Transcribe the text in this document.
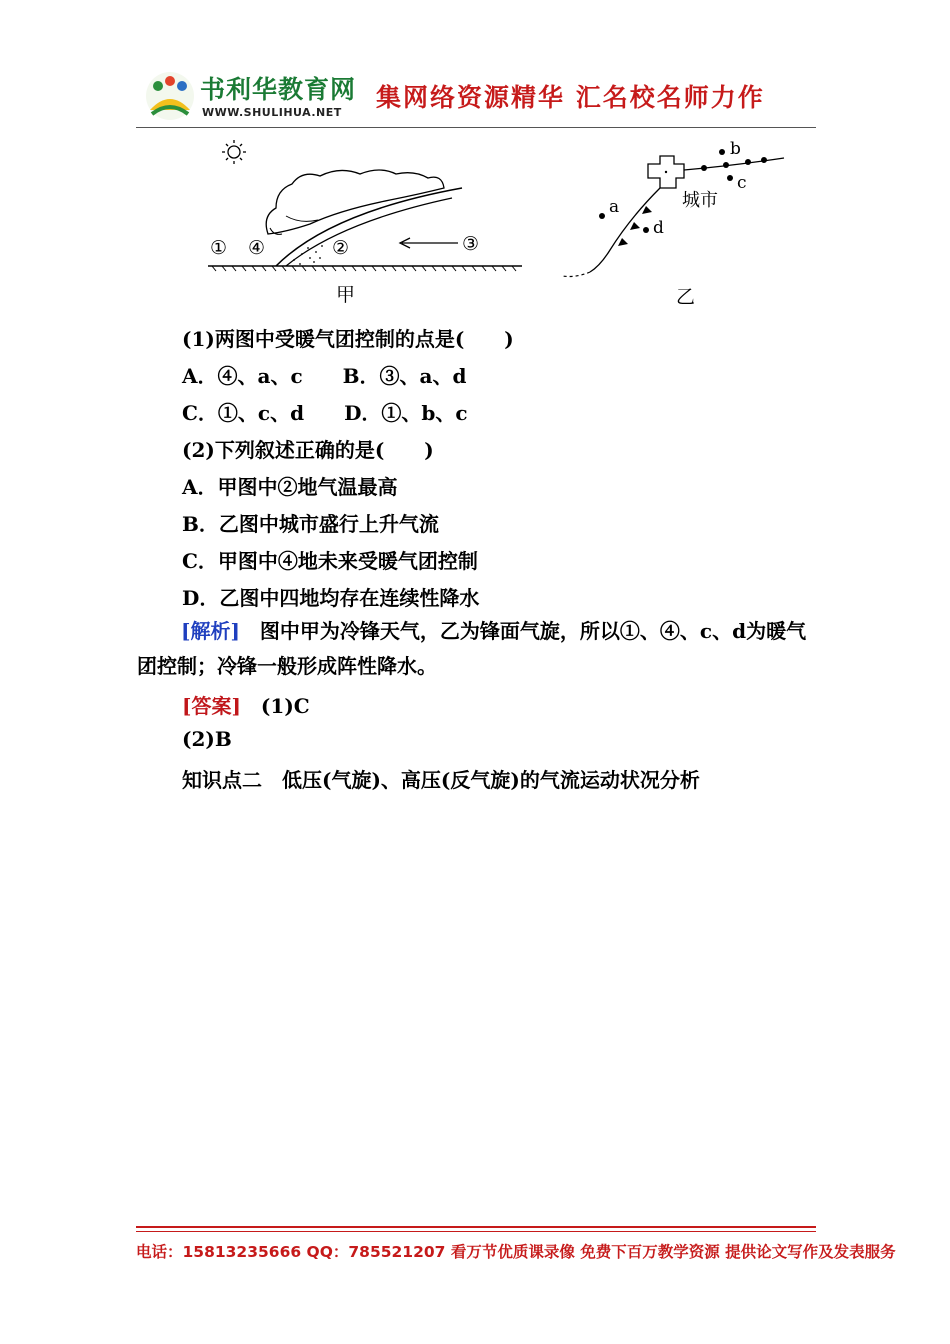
书利华教育网
WWW.SHULIHUA.NET
集网络资源精华 汇名校名师力作
① ④	②	③
城市
a
b
c
d
甲	乙
(1)两图中受暖气团控制的点是(　　)
A．④、a、c　　B．③、a、d
C．①、c、d　　D．①、b、c
(2)下列叙述正确的是(　　)
A．甲图中②地气温最高
B．乙图中城市盛行上升气流
C．甲图中④地未来受暖气团控制
D．乙图中四地均存在连续性降水
[解析]　图中甲为冷锋天气，乙为锋面气旋，所以①、④、c、d为暖气团控制；冷锋一般形成阵性降水。
[答案]　(1)C
(2)B
知识点二　低压(气旋)、高压(反气旋)的气流运动状况分析
电话：15813235666 QQ：785521207 看万节优质课录像 免费下百万教学资源 提供论文写作及发表服务
